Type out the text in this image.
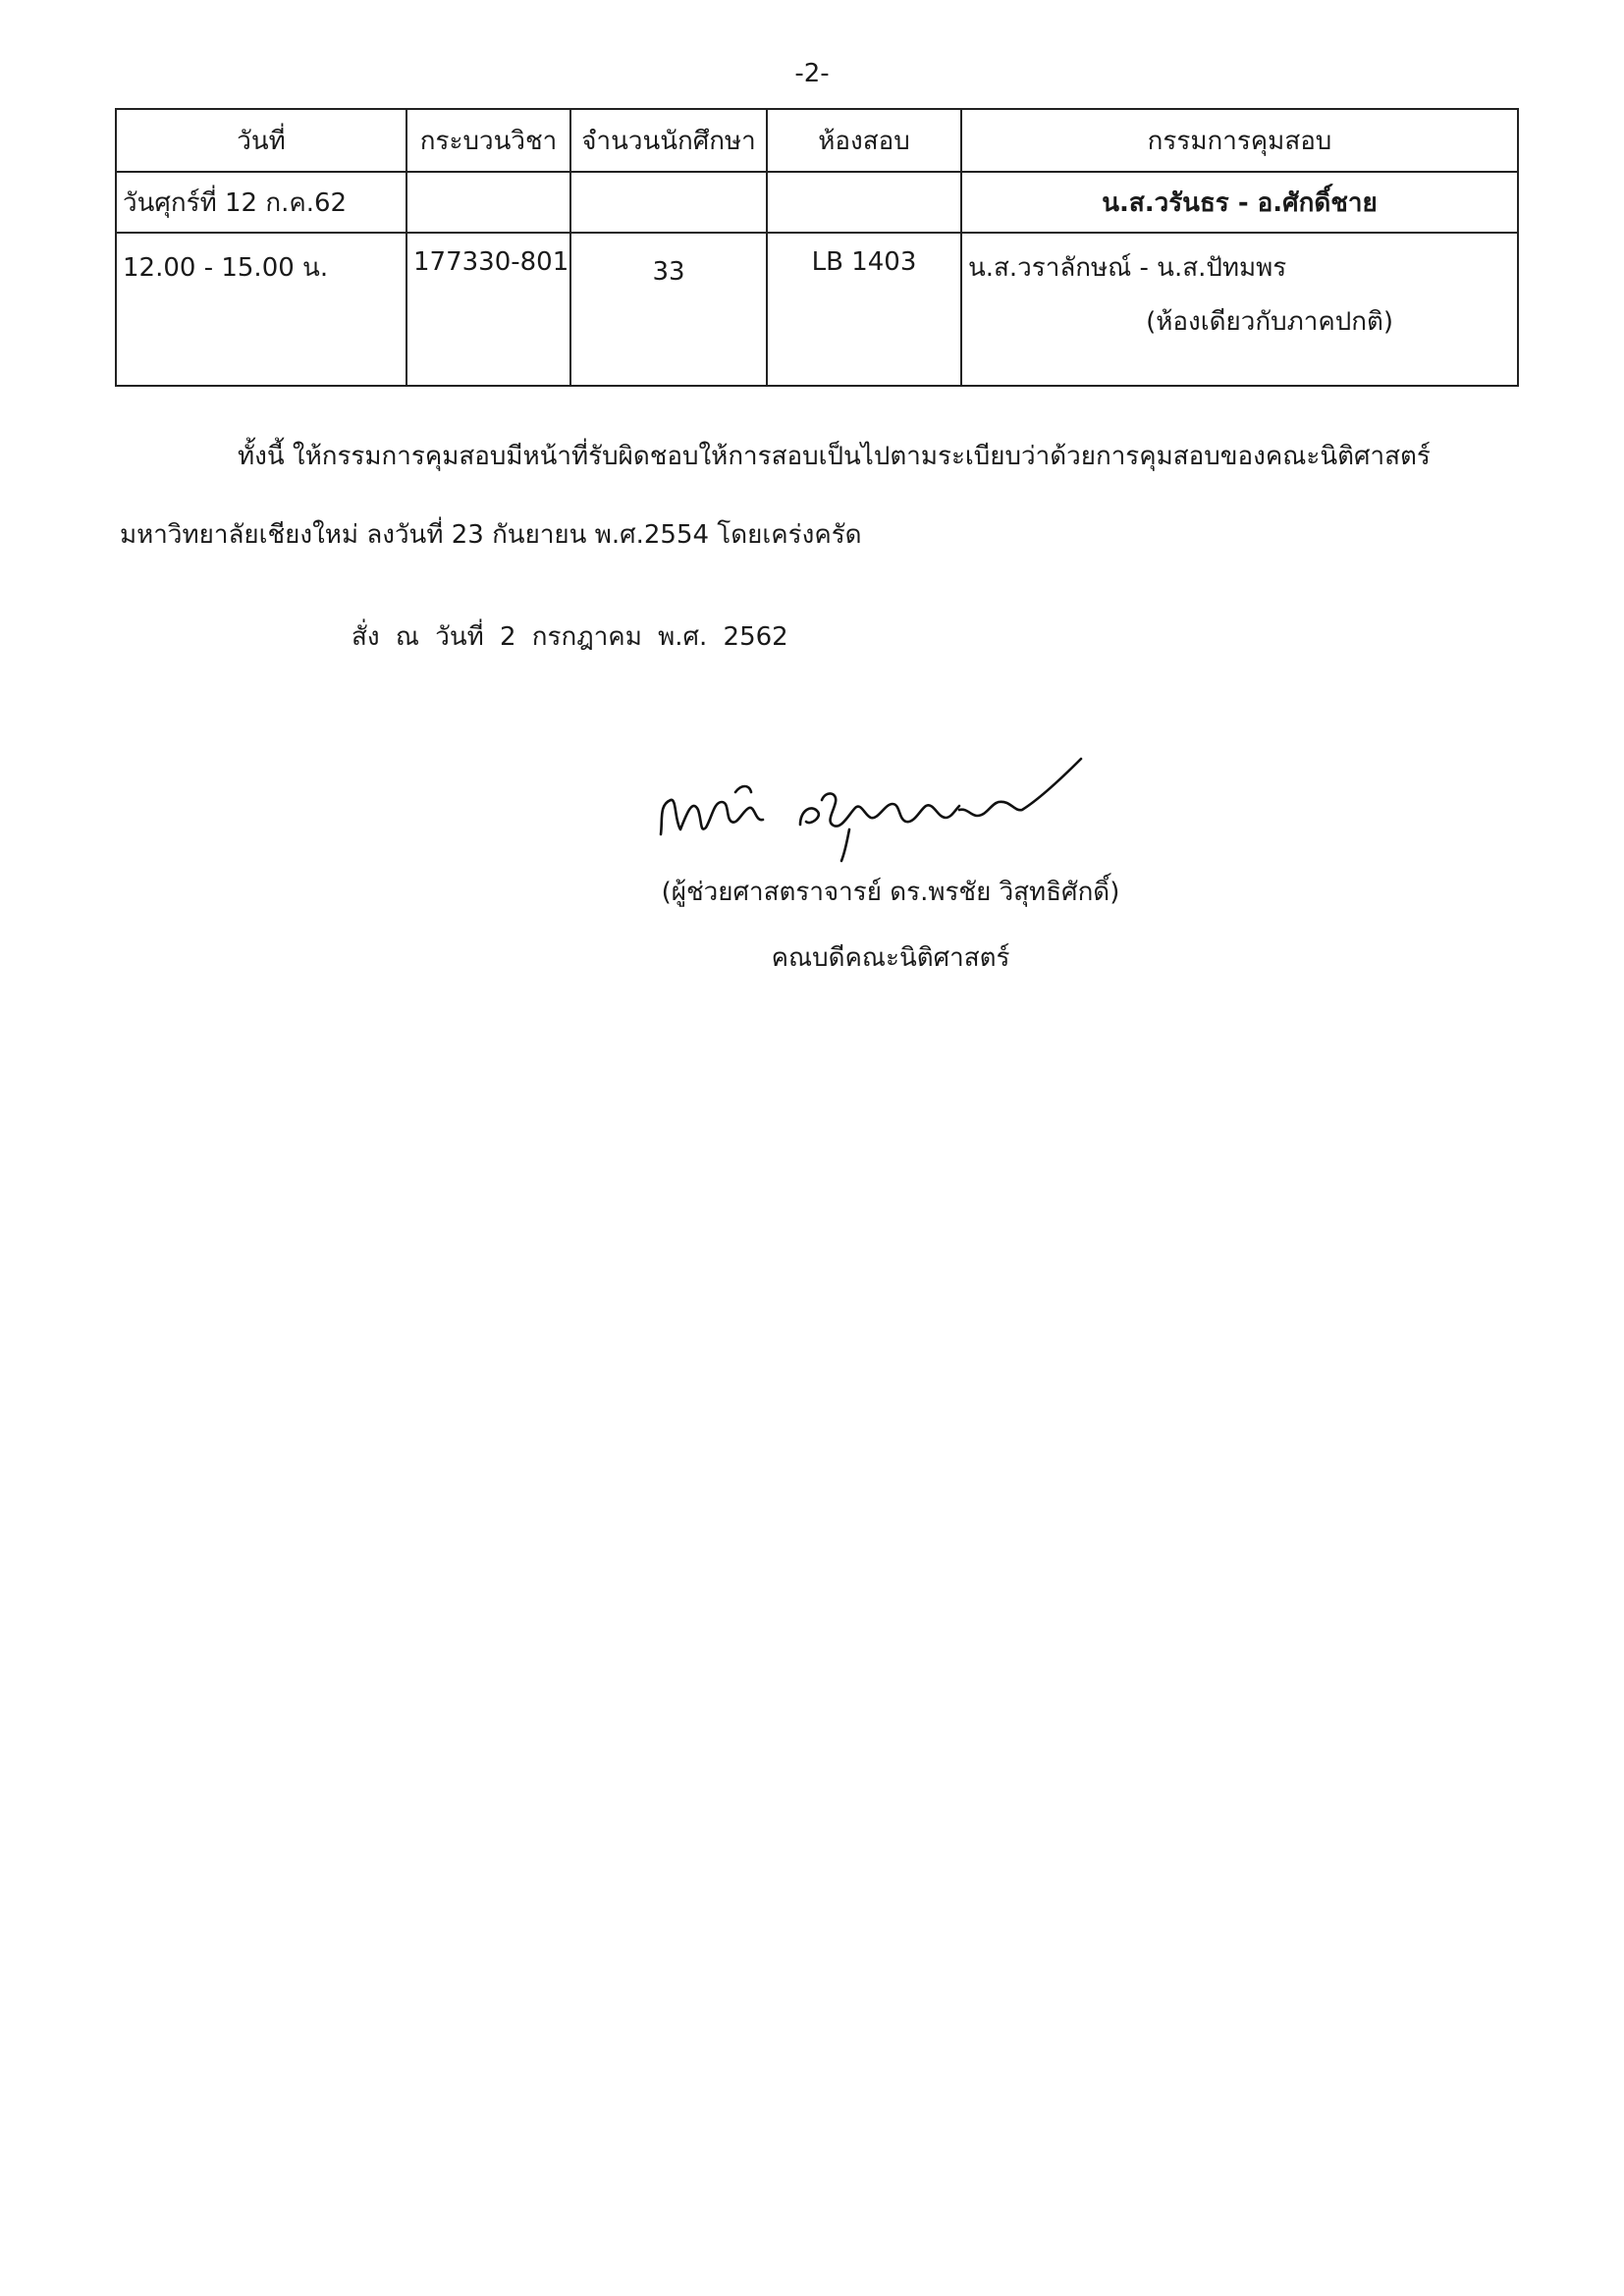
-2-
วันที่	กระบวนวิชา	จำนวนนักศึกษา	ห้องสอบ	กรรมการคุมสอบ
วันศุกร์ที่ 12 ก.ค.62				น.ส.วรันธร - อ.ศักดิ์ชาย
12.00 - 15.00 น.	177330-801	33	LB 1403	น.ส.วราลักษณ์ - น.ส.ปัทมพร
(ห้องเดียวกับภาคปกติ)
ทั้งนี้ ให้กรรมการคุมสอบมีหน้าที่รับผิดชอบให้การสอบเป็นไปตามระเบียบว่าด้วยการคุมสอบของคณะนิติศาสตร์
มหาวิทยาลัยเชียงใหม่ ลงวันที่ 23 กันยายน พ.ศ.2554 โดยเคร่งครัด
สั่ง ณ วันที่ 2 กรกฎาคม พ.ศ. 2562
(ผู้ช่วยศาสตราจารย์ ดร.พรชัย วิสุทธิศักดิ์)
คณบดีคณะนิติศาสตร์
